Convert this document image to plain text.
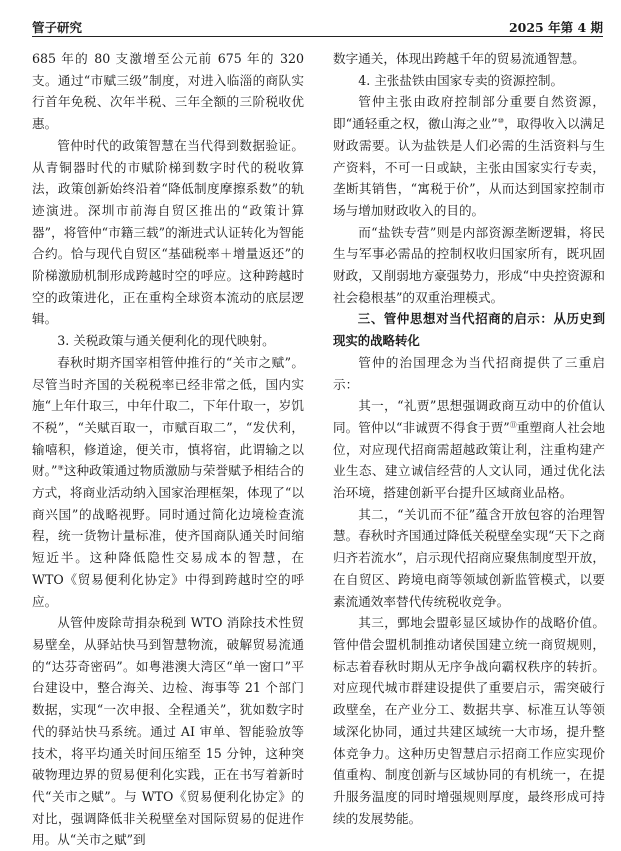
管子研究	2025 年第 4 期

685 年的 80 支激增至公元前 675 年的 320 支。通过“市赋三级”制度，对进入临淄的商队实行首年免税、次年半税、三年全额的三阶税收优惠。

管仲时代的政策智慧在当代得到数据验证。从青铜器时代的市赋阶梯到数字时代的税收算法，政策创新始终沿着“降低制度摩擦系数”的轨迹演进。深圳市前海自贸区推出的“政策计算器”，将管仲“市籍三载”的渐进式认证转化为智能合约。恰与现代自贸区“基础税率＋增量返还”的阶梯激励机制形成跨越时空的呼应。这种跨越时空的政策进化，正在重构全球资本流动的底层逻辑。

3. 关税政策与通关便利化的现代映射。

春秋时期齐国宰相管仲推行的“关市之赋”。尽管当时齐国的关税税率已经非常之低，国内实施“上年什取三，中年什取二，下年什取一，岁饥不税”，“关赋百取一，市赋百取二”，“发伏利，输嘻积，修道途，便关市，慎将宿，此谓输之以财。”⑨这种政策通过物质激励与荣誉赋予相结合的方式，将商业活动纳入国家治理框架，体现了“以商兴国”的战略视野。同时通过简化边境检查流程，统一货物计量标准，使齐国商队通关时间缩短近半。这种降低隐性交易成本的智慧，在 WTO《贸易便利化协定》中得到跨越时空的呼应。

从管仲废除苛捐杂税到 WTO 消除技术性贸易壁垒，从驿站快马到智慧物流，破解贸易流通的“达芬奇密码”。如粤港澳大湾区“单一窗口”平台建设中，整合海关、边检、海事等 21 个部门数据，实现“一次申报、全程通关”，犹如数字时代的驿站快马系统。通过 AI 审单、智能验放等技术，将平均通关时间压缩至 15 分钟，这种突破物理边界的贸易便利化实践，正在书写着新时代“关市之赋”。与 WTO《贸易便利化协定》的对比，强调降低非关税壁垒对国际贸易的促进作用。从“关市之赋”到

数字通关，体现出跨越千年的贸易流通智慧。

4. 主张盐铁由国家专卖的资源控制。

管仲主张由政府控制部分重要自然资源，即“通轻重之权，徼山海之业”⑩，取得收入以满足财政需要。认为盐铁是人们必需的生活资料与生产资料，不可一日或缺，主张由国家实行专卖，垄断其销售，“寓税于价”，从而达到国家控制市场与增加财政收入的目的。

而“盐铁专营”则是内部资源垄断逻辑，将民生与军事必需品的控制权收归国家所有，既巩固财政，又削弱地方豪强势力，形成“中央控资源和社会稳根基”的双重治理模式。

三、管仲思想对当代招商的启示：从历史到现实的战略转化

管仲的治国理念为当代招商提供了三重启示：

其一，“礼贾”思想强调政商互动中的价值认同。管仲以“非诚贾不得食于贾”⑪重塑商人社会地位，对应现代招商需超越政策让利，注重构建产业生态、建立诚信经营的人文认同，通过优化法治环境，搭建创新平台提升区域商业品格。

其二，“关讥而不征”蕴含开放包容的治理智慧。春秋时齐国通过降低关税壁垒实现“天下之商归齐若流水”，启示现代招商应聚焦制度型开放，在自贸区、跨境电商等领域创新监管模式，以要素流通效率替代传统税收竞争。

其三，鄄地会盟彰显区域协作的战略价值。管仲借会盟机制推动诸侯国建立统一商贸规则，标志着春秋时期从无序争战向霸权秩序的转折。对应现代城市群建设提供了重要启示，需突破行政壁垒，在产业分工、数据共享、标准互认等领域深化协同，通过共建区域统一大市场，提升整体竞争力。这种历史智慧启示招商工作应实现价值重构、制度创新与区域协同的有机统一，在提升服务温度的同时增强规则厚度，最终形成可持续的发展势能。
